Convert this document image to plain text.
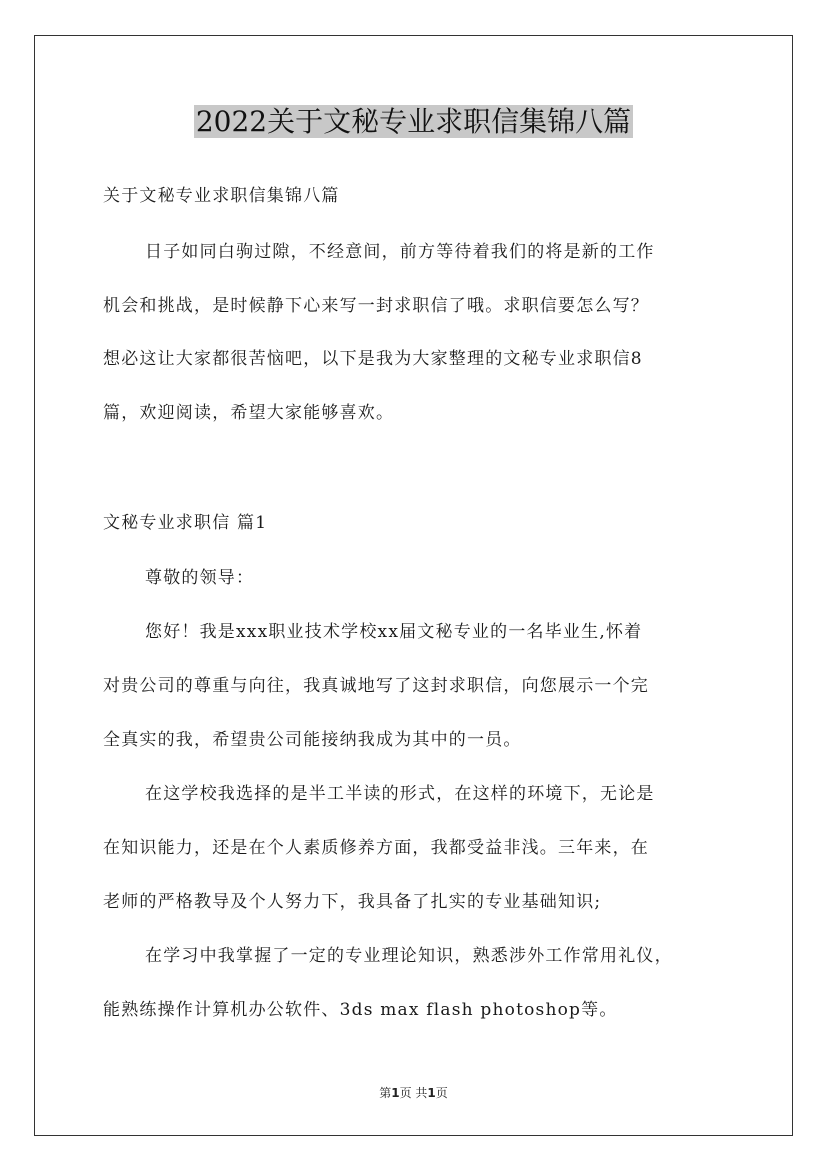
2022关于文秘专业求职信集锦八篇
关于文秘专业求职信集锦八篇
日子如同白驹过隙，不经意间，前方等待着我们的将是新的工作
机会和挑战，是时候静下心来写一封求职信了哦。求职信要怎么写？
想必这让大家都很苦恼吧，以下是我为大家整理的文秘专业求职信8
篇，欢迎阅读，希望大家能够喜欢。
文秘专业求职信 篇1
尊敬的领导：
您好！我是xxx职业技术学校xx届文秘专业的一名毕业生,怀着
对贵公司的尊重与向往，我真诚地写了这封求职信，向您展示一个完
全真实的我，希望贵公司能接纳我成为其中的一员。
在这学校我选择的是半工半读的形式，在这样的环境下，无论是
在知识能力，还是在个人素质修养方面，我都受益非浅。三年来，在
老师的严格教导及个人努力下，我具备了扎实的专业基础知识;
在学习中我掌握了一定的专业理论知识，熟悉涉外工作常用礼仪，
能熟练操作计算机办公软件、3ds max flash photoshop等。
第1页 共1页
